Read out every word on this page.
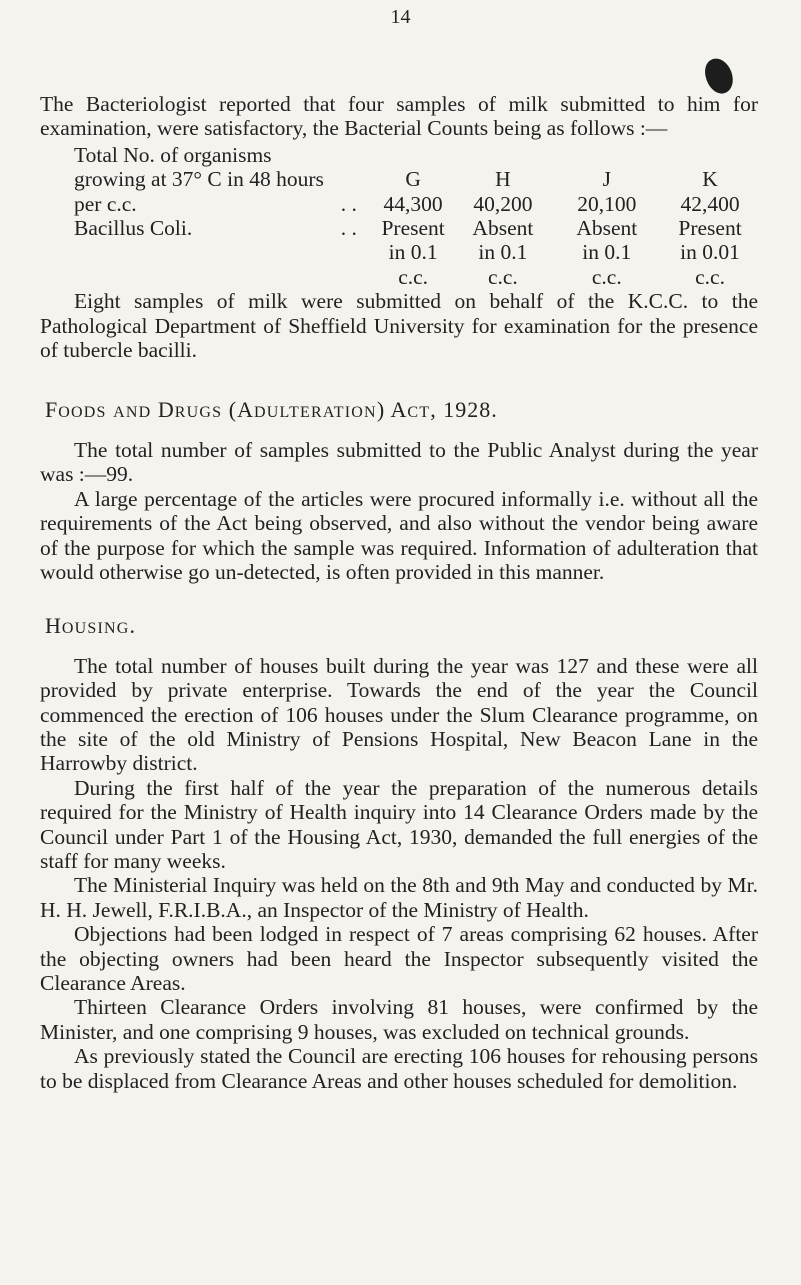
14

The Bacteriologist reported that four samples of milk submitted to him for examination, were satisfactory, the Bacterial Counts being as follows :—

Total No. of organisms					
growing at 37° C in 48 hours		G	H	J	K
per c.c.	. .	44,300	40,200	20,100	42,400
Bacillus Coli.	. .	Present	Absent	Absent	Present
		in 0.1	in 0.1	in 0.1	in 0.01
		c.c.	c.c.	c.c.	c.c.

Eight samples of milk were submitted on behalf of the K.C.C. to the Pathological Department of Sheffield University for examination for the presence of tubercle bacilli.

FOODS AND DRUGS (ADULTERATION) ACT, 1928.

The total number of samples submitted to the Public Analyst during the year was :—99.

A large percentage of the articles were procured informally i.e. without all the requirements of the Act being observed, and also without the vendor being aware of the purpose for which the sample was required. Information of adulteration that would otherwise go un-detected, is often provided in this manner.

HOUSING.

The total number of houses built during the year was 127 and these were all provided by private enterprise. Towards the end of the year the Council commenced the erection of 106 houses under the Slum Clearance programme, on the site of the old Ministry of Pensions Hospital, New Beacon Lane in the Harrowby district.

During the first half of the year the preparation of the numerous details required for the Ministry of Health inquiry into 14 Clearance Orders made by the Council under Part 1 of the Housing Act, 1930, demanded the full energies of the staff for many weeks.

The Ministerial Inquiry was held on the 8th and 9th May and conducted by Mr. H. H. Jewell, F.R.I.B.A., an Inspector of the Ministry of Health.

Objections had been lodged in respect of 7 areas comprising 62 houses. After the objecting owners had been heard the Inspector subsequently visited the Clearance Areas.

Thirteen Clearance Orders involving 81 houses, were confirmed by the Minister, and one comprising 9 houses, was excluded on technical grounds.

As previously stated the Council are erecting 106 houses for rehousing persons to be displaced from Clearance Areas and other houses scheduled for demolition.
